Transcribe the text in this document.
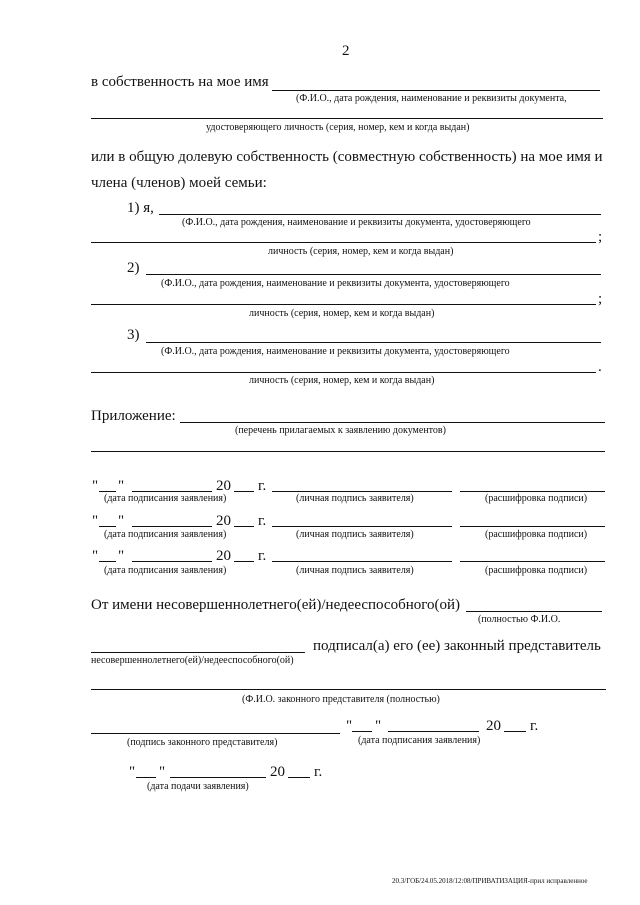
2
в собственность на мое имя
(Ф.И.О., дата рождения, наименование и реквизиты документа,
удостоверяющего личность (серия, номер, кем и когда выдан)
или в общую долевую собственность (совместную собственность) на мое имя и
члена (членов) моей семьи:
1) я,
(Ф.И.О., дата рождения, наименование и реквизиты документа, удостоверяющего
;
личность (серия, номер, кем и когда выдан)
2)
(Ф.И.О., дата рождения, наименование и реквизиты документа, удостоверяющего
;
личность (серия, номер, кем и когда выдан)
3)
(Ф.И.О., дата рождения, наименование и реквизиты документа, удостоверяющего
.
личность (серия, номер, кем и когда выдан)
Приложение:
(перечень прилагаемых к заявлению документов)
" "	20 г.
(дата подписания заявления)	(личная подпись заявителя)	(расшифровка подписи)
" "	20 г.
(дата подписания заявления)	(личная подпись заявителя)	(расшифровка подписи)
" "	20 г.
(дата подписания заявления)	(личная подпись заявителя)	(расшифровка подписи)
От имени несовершеннолетнего(ей)/недееспособного(ой)
(полностью Ф.И.О.
подписал(а) его (ее) законный представитель
несовершеннолетнего(ей)/недееспособного(ой)
(Ф.И.О. законного представителя (полностью)
" "	20 г.
(подпись законного представителя)	(дата подписания заявления)
" "	20 г.
(дата подачи заявления)
20.3/ГОБ/24.05.2018/12:08/ПРИВАТИЗАЦИЯ-прил исправленное
